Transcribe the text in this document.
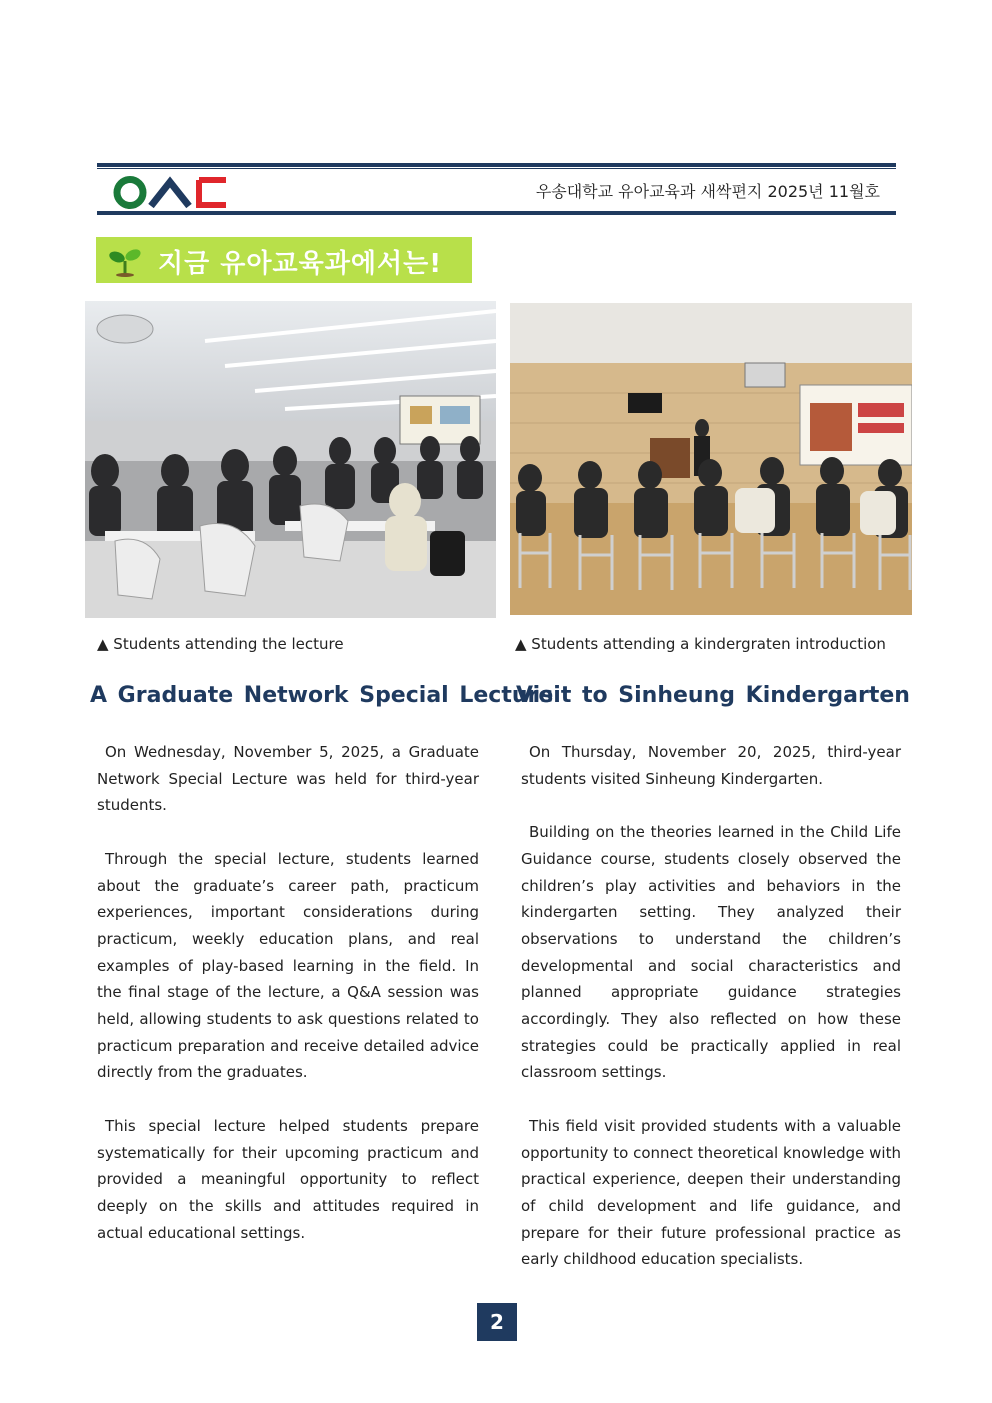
우송대학교 유아교육과 새싹편지 2025년 11월호
지금 유아교육과에서는!
▲ Students attending the lecture	▲ Students attending a kindergraten introduction
A Graduate Network Special Lecture
Visit to Sinheung Kindergarten

On Wednesday, November 5, 2025, a Graduate Network Special Lecture was held for third-year students.

Through the special lecture, students learned about the graduate’s career path, practicum experiences, important considerations during practicum, weekly education plans, and real examples of play-based learning in the field. In the final stage of the lecture, a Q&A session was held, allowing students to ask questions related to practicum preparation and receive detailed advice directly from the graduates.

This special lecture helped students prepare systematically for their upcoming practicum and provided a meaningful opportunity to reflect deeply on the skills and attitudes required in actual educational settings.

On Thursday, November 20, 2025, third-year students visited Sinheung Kindergarten.

Building on the theories learned in the Child Life Guidance course, students closely observed the children’s play activities and behaviors in the kindergarten setting. They analyzed their observations to understand the children’s developmental and social characteristics and planned appropriate guidance strategies accordingly. They also reflected on how these strategies could be practically applied in real classroom settings.

This field visit provided students with a valuable opportunity to connect theoretical knowledge with practical experience, deepen their understanding of child development and life guidance, and prepare for their future professional practice as early childhood education specialists.

2
